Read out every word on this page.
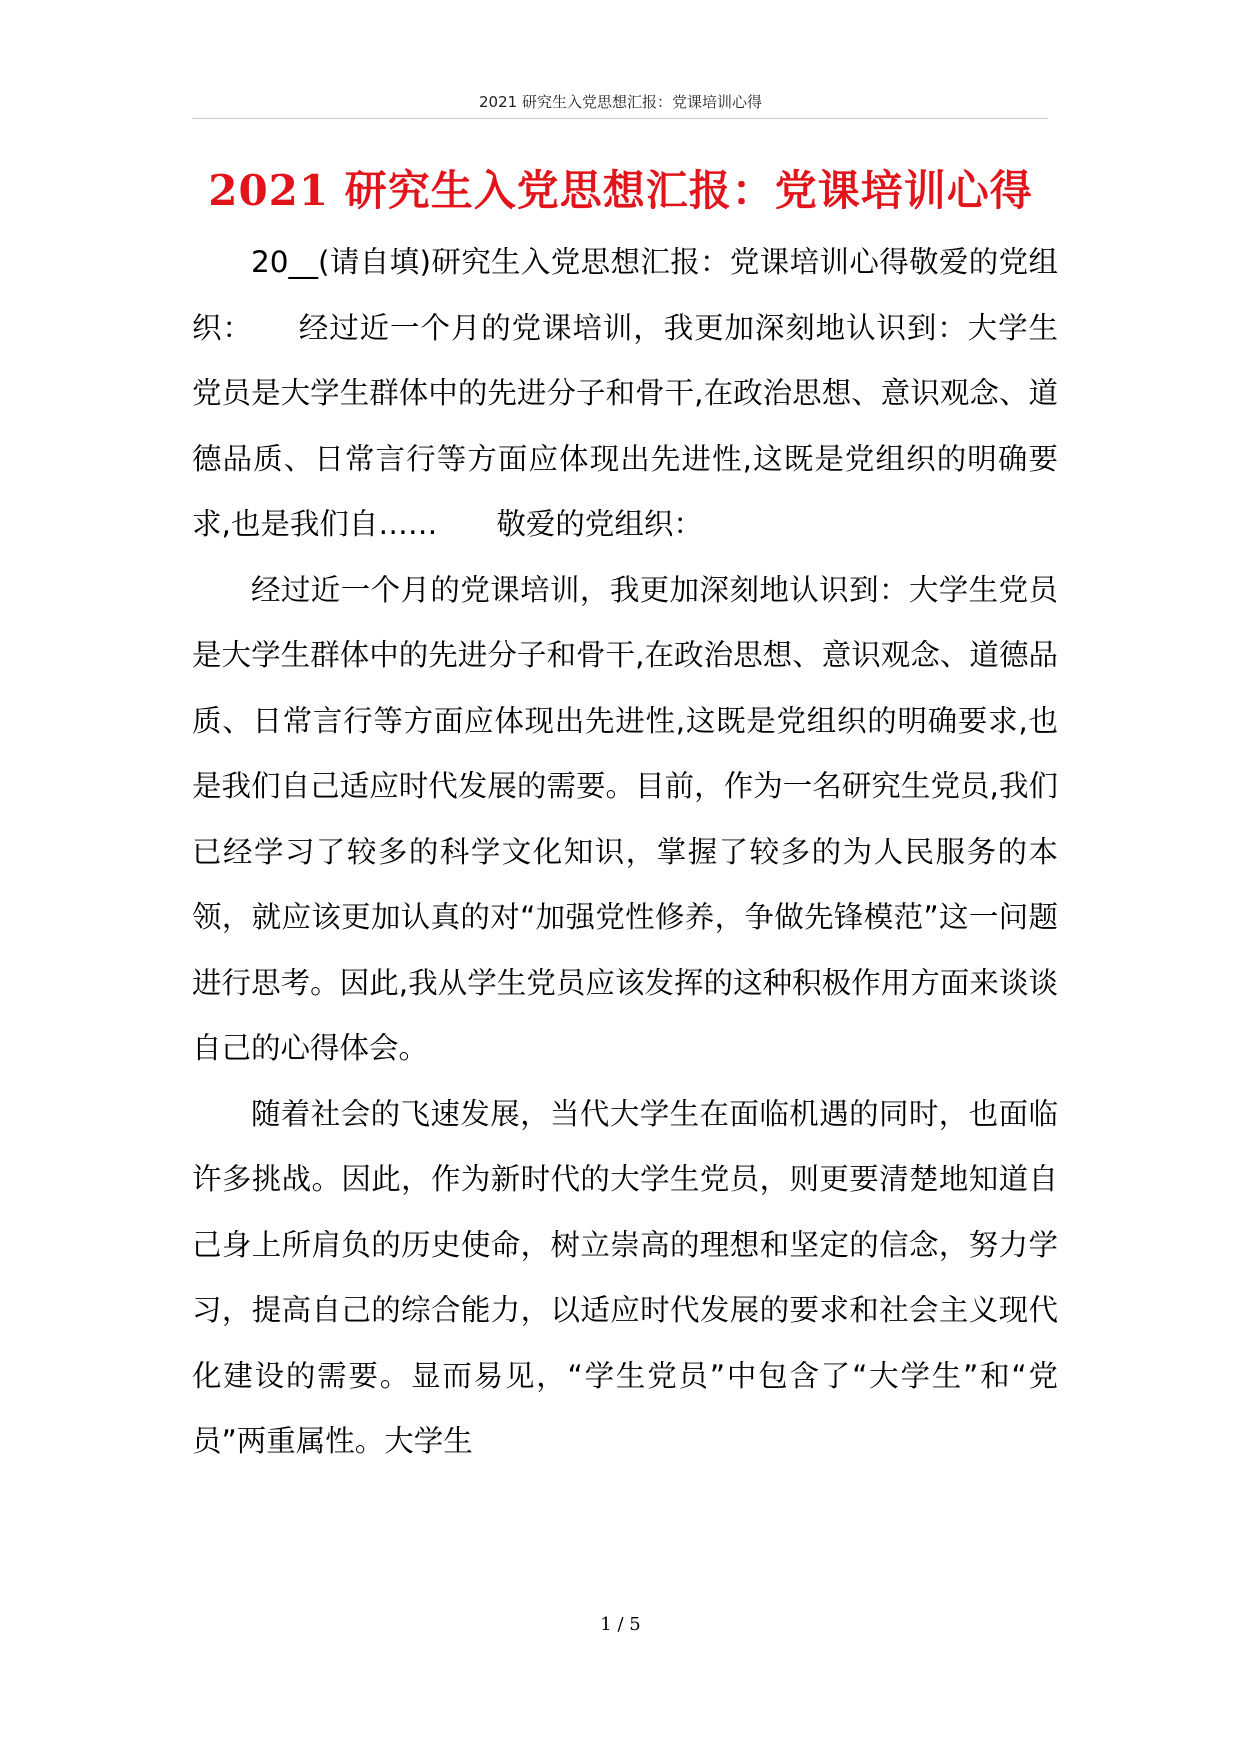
2021 研究生入党思想汇报：党课培训心得
2021 研究生入党思想汇报：党课培训心得

20__(请自填)研究生入党思想汇报：党课培训心得敬爱的党组织：　　经过近一个月的党课培训，我更加深刻地认识到：大学生党员是大学生群体中的先进分子和骨干,在政治思想、意识观念、道德品质、日常言行等方面应体现出先进性,这既是党组织的明确要求,也是我们自……　　敬爱的党组织：

经过近一个月的党课培训，我更加深刻地认识到：大学生党员是大学生群体中的先进分子和骨干,在政治思想、意识观念、道德品质、日常言行等方面应体现出先进性,这既是党组织的明确要求,也是我们自己适应时代发展的需要。目前，作为一名研究生党员,我们已经学习了较多的科学文化知识，掌握了较多的为人民服务的本领，就应该更加认真的对“加强党性修养，争做先锋模范”这一问题进行思考。因此,我从学生党员应该发挥的这种积极作用方面来谈谈自己的心得体会。

随着社会的飞速发展，当代大学生在面临机遇的同时，也面临许多挑战。因此，作为新时代的大学生党员，则更要清楚地知道自己身上所肩负的历史使命，树立崇高的理想和坚定的信念，努力学习，提高自己的综合能力，以适应时代发展的要求和社会主义现代化建设的需要。显而易见，“学生党员”中包含了“大学生”和“党员”两重属性。大学生

1 / 5
